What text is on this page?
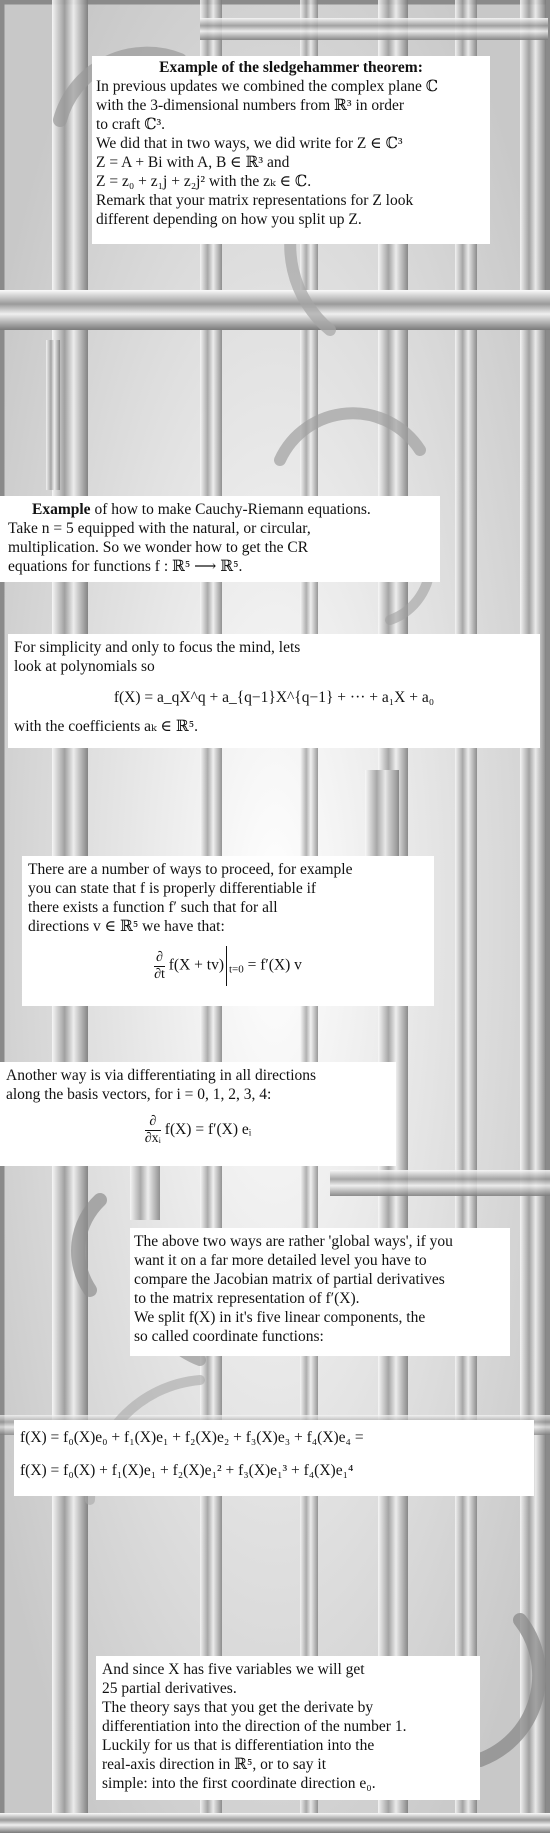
Example of the sledgehammer theorem:

In previous updates we combined the complex plane ℂ

with the 3-dimensional numbers from ℝ³ in order

to craft ℂ³.

We did that in two ways, we did write for Z ∈ ℂ³

Z = A + Bi with A, B ∈ ℝ³ and

Z = z₀ + z₁j + z₂j² with the zₖ ∈ ℂ.

Remark that your matrix representations for Z look

different depending on how you split up Z.

Example of how to make Cauchy-Riemann equations.

Take n = 5 equipped with the natural, or circular,

multiplication. So we wonder how to get the CR

equations for functions f : ℝ⁵ ⟶ ℝ⁵.

For simplicity and only to focus the mind, lets

look at polynomials so

f(X) = a_qX^q + a_{q−1}X^{q−1} + ··· + a₁X + a₀

with the coefficients aₖ ∈ ℝ⁵.

There are a number of ways to proceed, for example

you can state that f is properly differentiable if

there exists a function f′ such that for all

directions v ∈ ℝ⁵ we have that:

$\frac{\partial}{\partial t} f(X + tv) _{t=0} = f'(X)$ v

Another way is via differentiating in all directions

along the basis vectors, for i = 0, 1, 2, 3, 4:

$\frac{\partial}{\text{∂xᵢ}} f(X) = f'(X)$ eᵢ

The above two ways are rather 'global ways', if you

want it on a far more detailed level you have to

compare the Jacobian matrix of partial derivatives

to the matrix representation of f′(X).

We split f(X) in it's five linear components, the

so called coordinate functions:

f(X) = f₀(X)e₀ + f₁(X)e₁ + f₂(X)e₂ + f₃(X)e₃ + f₄(X)e₄ =

f(X) = f₀(X) + f₁(X)e₁ + f₂(X)e₁² + f₃(X)e₁³ + f₄(X)e₁⁴

And since X has five variables we will get

25 partial derivatives.

The theory says that you get the derivate by

differentiation into the direction of the number 1.

Luckily for us that is differentiation into the

real-axis direction in ℝ⁵, or to say it

simple: into the first coordinate direction e₀.
